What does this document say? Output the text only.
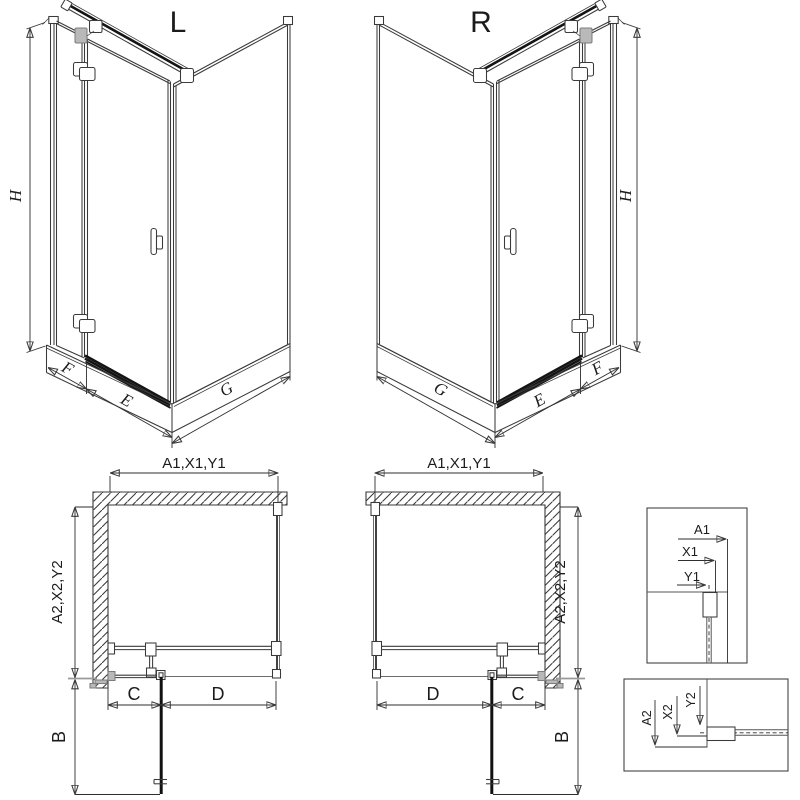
L
H
F
E	G
R
H
F
E
G
A1,X1,Y1
A2,X2,Y2
C	D
B
A1,X1,Y1
A2,X2,Y2
D	C
B
A1
X1
Y1
A2 X2
Y2
